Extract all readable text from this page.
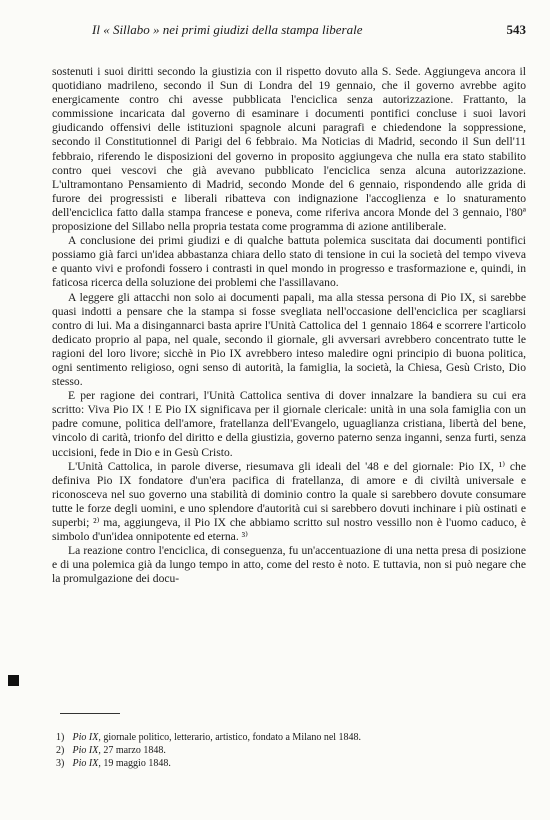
Il « Sillabo » nei primi giudizi della stampa liberale	543

sostenuti i suoi diritti secondo la giustizia con il rispetto dovuto alla S. Sede. Aggiungeva ancora il quotidiano madrileno, secondo il Sun di Londra del 19 gennaio, che il governo avrebbe agito energicamente contro chi avesse pubblicata l'enciclica senza autorizzazione. Frattanto, la commissione incaricata dal governo di esaminare i documenti pontifici concluse i suoi lavori giudicando offensivi delle istituzioni spagnole alcuni paragrafi e chiedendone la soppressione, secondo il Constitutionnel di Parigi del 6 febbraio. Ma Noticias di Madrid, secondo il Sun dell'11 febbraio, riferendo le disposizioni del governo in proposito aggiungeva che nulla era stato stabilito contro quei vescovi che già avevano pubblicato l'enciclica senza alcuna autorizzazione. L'ultramontano Pensamiento di Madrid, secondo Monde del 6 gennaio, rispondendo alle grida di furore dei progressisti e liberali ribatteva con indignazione l'accoglienza e lo snaturamento dell'enciclica fatto dalla stampa francese e poneva, come riferiva ancora Monde del 3 gennaio, l'80ª proposizione del Sillabo nella propria testata come programma di azione antiliberale.

A conclusione dei primi giudizi e di qualche battuta polemica suscitata dai documenti pontifici possiamo già farci un'idea abbastanza chiara dello stato di tensione in cui la società del tempo viveva e quanto vivi e profondi fossero i contrasti in quel mondo in progresso e trasformazione e, quindi, in faticosa ricerca della soluzione dei problemi che l'assillavano.

A leggere gli attacchi non solo ai documenti papali, ma alla stessa persona di Pio IX, si sarebbe quasi indotti a pensare che la stampa si fosse svegliata nell'occasione dell'enciclica per scagliarsi contro di lui. Ma a disingannarci basta aprire l'Unità Cattolica del 1 gennaio 1864 e scorrere l'articolo dedicato proprio al papa, nel quale, secondo il giornale, gli avversari avrebbero concentrato tutte le ragioni del loro livore; sicchè in Pio IX avrebbero inteso maledire ogni principio di buona politica, ogni sentimento religioso, ogni senso di autorità, la famiglia, la società, la Chiesa, Gesù Cristo, Dio stesso.

E per ragione dei contrari, l'Unità Cattolica sentiva di dover innalzare la bandiera su cui era scritto: Viva Pio IX ! E Pio IX significava per il giornale clericale: unità in una sola famiglia con un padre comune, politica dell'amore, fratellanza dell'Evangelo, uguaglianza cristiana, libertà del bene, vincolo di carità, trionfo del diritto e della giustizia, governo paterno senza inganni, senza furti, senza uccisioni, fede in Dio e in Gesù Cristo.

L'Unità Cattolica, in parole diverse, riesumava gli ideali del '48 e del giornale: Pio IX, ¹⁾ che definiva Pio IX fondatore d'un'era pacifica di fratellanza, di amore e di civiltà universale e riconosceva nel suo governo una stabilità di dominio contro la quale si sarebbero dovute consumare tutte le forze degli uomini, e uno splendore d'autorità cui si sarebbero dovuti inchinare i più ostinati e superbi; ²⁾ ma, aggiungeva, il Pio IX che abbiamo scritto sul nostro vessillo non è l'uomo caduco, è simbolo d'un'idea onnipotente ed eterna. ³⁾

La reazione contro l'enciclica, di conseguenza, fu un'accentuazione di una netta presa di posizione e di una polemica già da lungo tempo in atto, come del resto è noto. E tuttavia, non si può negare che la promulgazione dei docu-

1) Pio IX, giornale politico, letterario, artistico, fondato a Milano nel 1848.
2) Pio IX, 27 marzo 1848.
3) Pio IX, 19 maggio 1848.
